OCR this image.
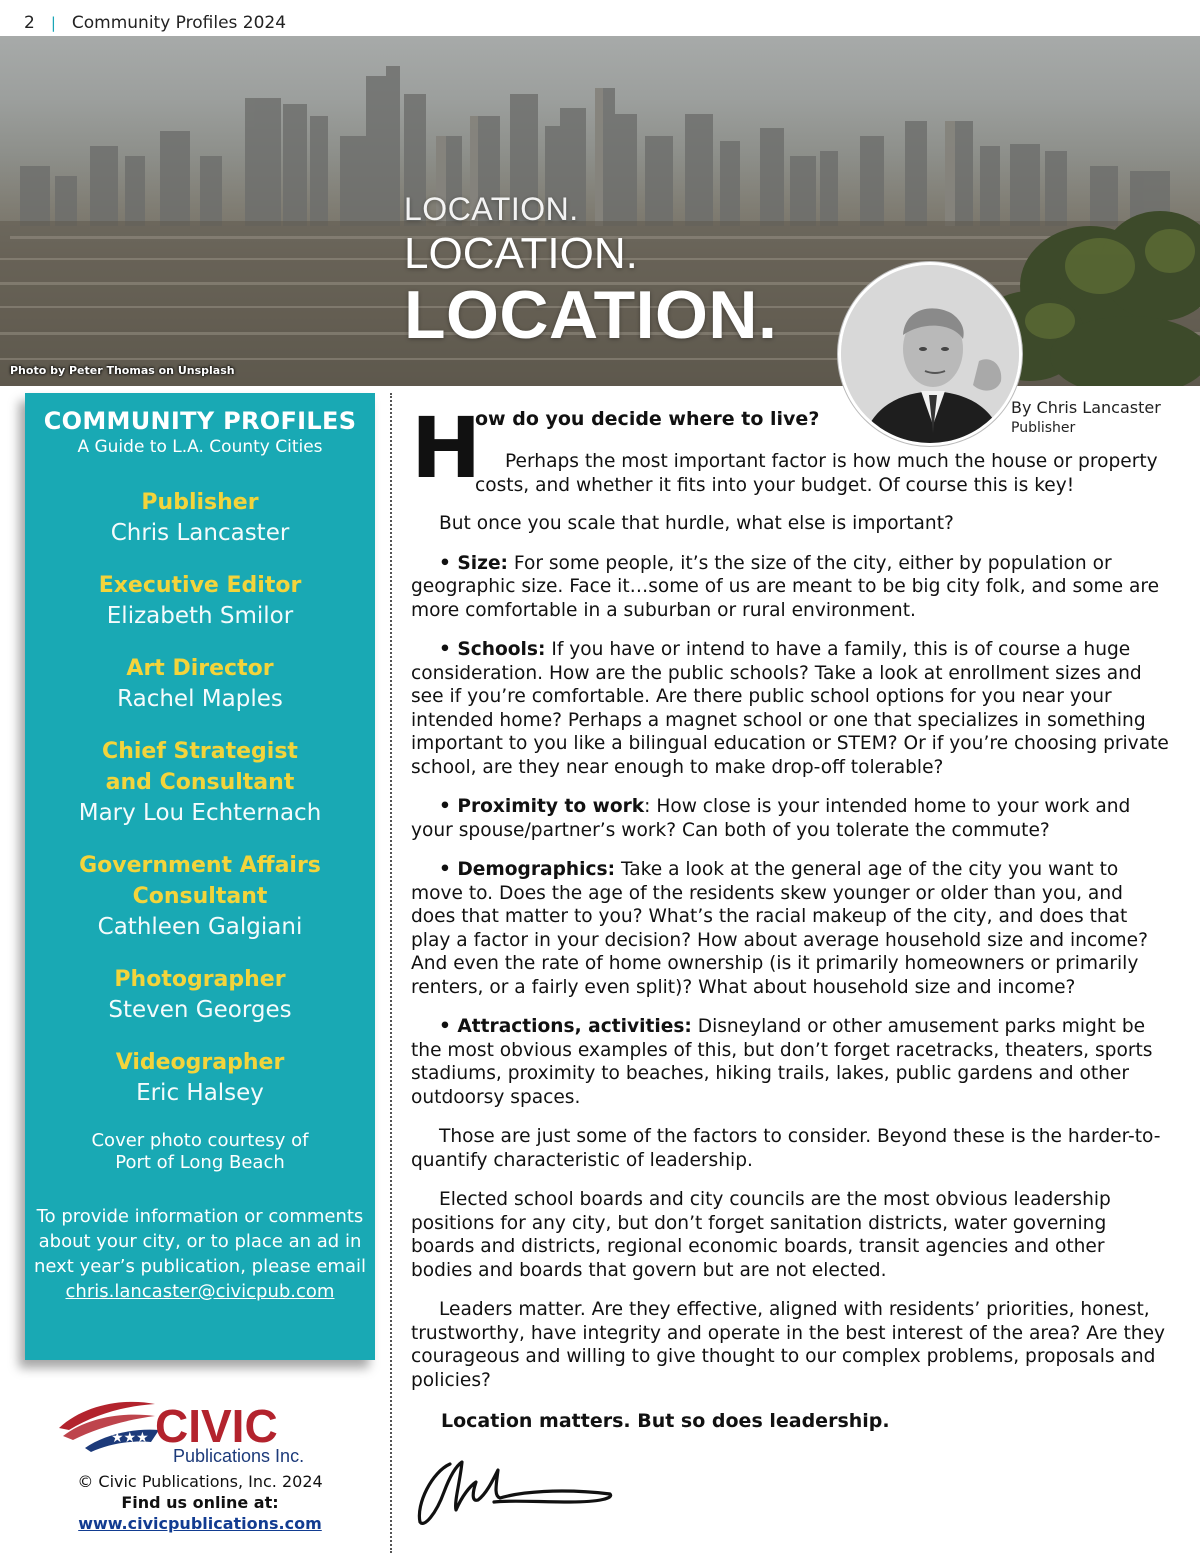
2 | Community Profiles 2024
Photo by Peter Thomas on Unsplash
LOCATION.
LOCATION.
LOCATION.
By Chris Lancaster
Publisher
COMMUNITY PROFILES
A Guide to L.A. County Cities
Publisher
Chris Lancaster
Executive Editor
Elizabeth Smilor
Art Director
Rachel Maples
Chief Strategist
and Consultant
Mary Lou Echternach
Government Affairs
Consultant
Cathleen Galgiani
Photographer
Steven Georges
Videographer
Eric Halsey
Cover photo courtesy of
Port of Long Beach
To provide information or comments
about your city, or to place an ad in
next year’s publication, please email
chris.lancaster@civicpub.com
★★★ CIVIC
Publications Inc.
© Civic Publications, Inc. 2024
Find us online at:
www.civicpublications.com
H
ow do you decide where to live?
Perhaps the most important factor is how much the house or property costs, and whether it fits into your budget. Of course this is key!

But once you scale that hurdle, what else is important?

• Size: For some people, it’s the size of the city, either by population or geographic size. Face it…some of us are meant to be big city folk, and some are more comfortable in a suburban or rural environment.

• Schools: If you have or intend to have a family, this is of course a huge consideration. How are the public schools? Take a look at enrollment sizes and see if you’re comfortable. Are there public school options for you near your intended home? Perhaps a magnet school or one that specializes in something important to you like a bilingual education or STEM? Or if you’re choosing private school, are they near enough to make drop-off tolerable?

• Proximity to work: How close is your intended home to your work and your spouse/partner’s work? Can both of you tolerate the commute?

• Demographics: Take a look at the general age of the city you want to move to. Does the age of the residents skew younger or older than you, and does that matter to you? What’s the racial makeup of the city, and does that play a factor in your decision? How about average household size and income? And even the rate of home ownership (is it primarily homeowners or primarily renters, or a fairly even split)? What about household size and income?

• Attractions, activities: Disneyland or other amusement parks might be the most obvious examples of this, but don’t forget racetracks, theaters, sports stadiums, proximity to beaches, hiking trails, lakes, public gardens and other outdoorsy spaces.

Those are just some of the factors to consider. Beyond these is the harder-to-quantify characteristic of leadership.

Elected school boards and city councils are the most obvious leadership positions for any city, but don’t forget sanitation districts, water governing boards and districts, regional economic boards, transit agencies and other bodies and boards that govern but are not elected.

Leaders matter. Are they effective, aligned with residents’ priorities, honest, trustworthy, have integrity and operate in the best interest of the area? Are they courageous and willing to give thought to our complex problems, proposals and policies?

Location matters. But so does leadership.
